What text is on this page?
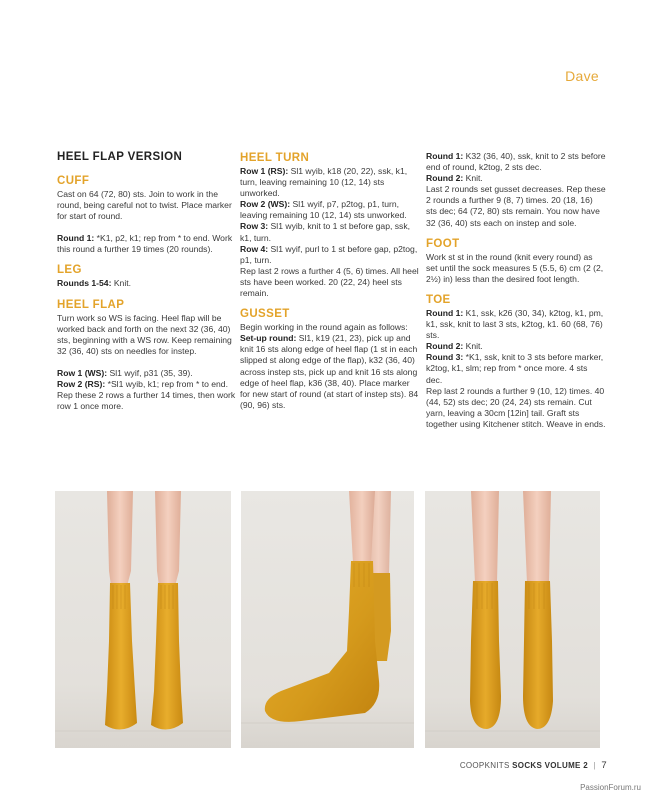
Dave
HEEL FLAP VERSION
CUFF

Cast on 64 (72, 80) sts. Join to work in the round, being careful not to twist. Place marker for start of round.

Round 1: *K1, p2, k1; rep from * to end. Work this round a further 19 times (20 rounds).

LEG

Rounds 1-54: Knit.

HEEL FLAP

Turn work so WS is facing. Heel flap will be worked back and forth on the next 32 (36, 40) sts, beginning with a WS row. Keep remaining 32 (36, 40) sts on needles for instep.

Row 1 (WS): Sl1 wyif, p31 (35, 39).

Row 2 (RS): *Sl1 wyib, k1; rep from * to end. Rep these 2 rows a further 14 times, then work row 1 once more.

HEEL TURN

Row 1 (RS): Sl1 wyib, k18 (20, 22), ssk, k1, turn, leaving remaining 10 (12, 14) sts unworked.

Row 2 (WS): Sl1 wyif, p7, p2tog, p1, turn, leaving remaining 10 (12, 14) sts unworked.

Row 3: Sl1 wyib, knit to 1 st before gap, ssk, k1, turn.

Row 4: Sl1 wyif, purl to 1 st before gap, p2tog, p1, turn.

Rep last 2 rows a further 4 (5, 6) times. All heel sts have been worked. 20 (22, 24) heel sts remain.

GUSSET

Begin working in the round again as follows:

Set-up round: Sl1, k19 (21, 23), pick up and knit 16 sts along edge of heel flap (1 st in each slipped st along edge of the flap), k32 (36, 40) across instep sts, pick up and knit 16 sts along edge of heel flap, k36 (38, 40). Place marker for new start of round (at start of instep sts). 84 (90, 96) sts.

Round 1: K32 (36, 40), ssk, knit to 2 sts before end of round, k2tog, 2 sts dec.

Round 2: Knit.

Last 2 rounds set gusset decreases. Rep these 2 rounds a further 9 (8, 7) times. 20 (18, 16) sts dec; 64 (72, 80) sts remain. You now have 32 (36, 40) sts each on instep and sole.

FOOT

Work st st in the round (knit every round) as set until the sock measures 5 (5.5, 6) cm (2 (2, 2½) in) less than the desired foot length.

TOE

Round 1: K1, ssk, k26 (30, 34), k2tog, k1, pm, k1, ssk, knit to last 3 sts, k2tog, k1. 60 (68, 76) sts.

Round 2: Knit.

Round 3: *K1, ssk, knit to 3 sts before marker, k2tog, k1, slm; rep from * once more. 4 sts dec.

Rep last 2 rounds a further 9 (10, 12) times. 40 (44, 52) sts dec; 20 (24, 24) sts remain. Cut yarn, leaving a 30cm [12in] tail. Graft sts together using Kitchener stitch. Weave in ends.

COOPKNITS SOCKS VOLUME 2 | 7
PassionForum.ru
